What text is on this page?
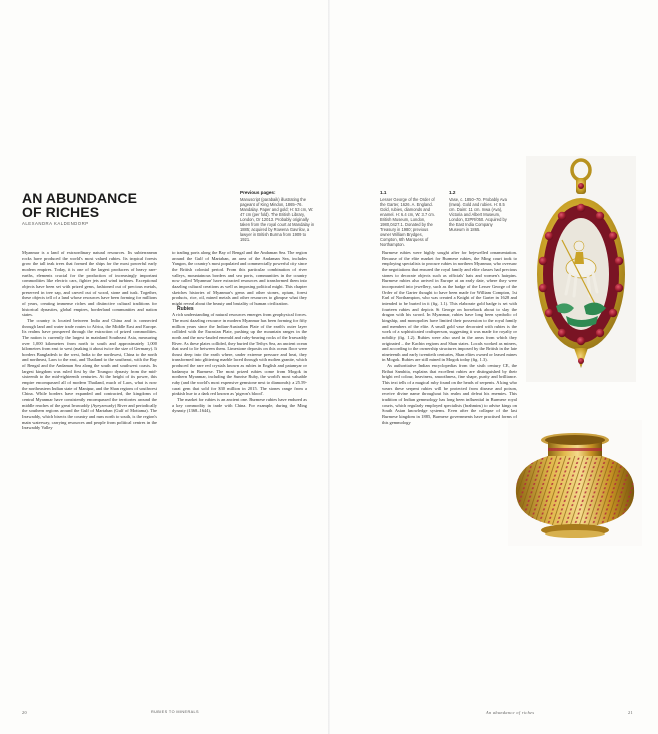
AN ABUNDANCE
OF RICHES
ALEXANDRA KALDENDORP
Previous pages:
Manuscript (parabaik) illustrating the pageant of King Mindon, 1865–76. Mandalay. Paper and gold; H: 53 cm, W: 47 cm (per fold). The British Library, London, Or 12013. Probably originally taken from the royal court at Mandalay in 1885; acquired by Rowena Gavrilov, a lawyer in British Burma from 1909 to 1921.
1.1
Lesser George of the Order of the Garter, 1626. A. England. Gold, rubies, diamonds and enamel. H: 6.4 cm, W: 3.7 cm. British Museum, London, 1980,0427.1. Donated by the Treasury in 1980; previous owner William Brydges, Compton, 6th Marquess of Northampton.
1.2
Vase, c. 1850–70. Probably Ava (Inwa). Gold and rubies. H: 8.5 cm. Daim: 11 cm. Inwa (Ava), Victoria and Albert Museum, London, 02PR/050. Acquired by the East India Company Museum in 1865.

Myanmar is a land of extraordinary natural resources. Its subterranean rocks have produced the world's most valued rubies. Its tropical forests grow the tall teak trees that formed the ships for the most powerful early modern empires. Today, it is one of the largest producers of heavy rare-earths, elements crucial for the production of increasingly important commodities like electric cars, fighter jets and wind turbines. Exceptional objects have been set with prized gems, fashioned out of precious metals, preserved in tree sap, and carved out of wood, stone and tusk. Together, these objects tell of a land whose resources have been forming for millions of years, creating immense riches and distinctive cultural traditions for historical dynasties, global empires, borderland communities and nation states.

The country is located between India and China and is connected through land and water trade routes to Africa, the Middle East and Europe. Its realms have prospered through the extraction of prized commodities. The nation is currently the largest in mainland Southeast Asia, measuring over 1,000 kilometres from north to south and approximately 1,000 kilometres from east to west (making it about twice the size of Germany). It borders Bangladesh to the west, India to the northwest, China to the north and northeast, Laos to the east, and Thailand to the southeast, with the Bay of Bengal and the Andaman Sea along the south and southwest coasts. Its largest kingdom was ruled first by the Toungoo dynasty from the mid-sixteenth to the mid-eighteenth centuries. At the height of its power, this empire encompassed all of modern Thailand, much of Laos, what is now the northeastern Indian state of Manipur, and the Shan regions of southwest China. While borders have expanded and contracted, the kingdoms of central Myanmar have consistently encompassed the territories around the middle reaches of the great Irrawaddy (Ayeyarwady) River and periodically the southern regions around the Gulf of Martaban (Gulf of Mottama). The Irrawaddy, which bisects the country and runs north to south, is the region's main waterway, carrying resources and people from political centres in the Irrawaddy Valley

to trading ports along the Bay of Bengal and the Andaman Sea. The region around the Gulf of Martaban, an area of the Andaman Sea, includes Yangon, the country's most populated and commercially powerful city since the British colonial period. From this particular combination of river valleys, mountainous borders and sea ports, communities in the country now called 'Myanmar' have extracted resources and transformed them into dazzling cultural creations as well as imposing political might. This chapter sketches histories of Myanmar's gems and other stones, opium, forest products, rice, oil, mined metals and other resources to glimpse what they might reveal about the beauty and brutality of human civilization.

Rubies

A rich understanding of natural resources emerges from geophysical forces. The most dazzling resource in modern Myanmar has been forming for fifty million years since the Indian-Australian Plate of the earth's outer layer collided with the Eurasian Plate, pushing up the mountain ranges in the north and the now-lauded emerald and ruby-bearing rocks of the Irrawaddy River. As these plates collided, they buried the Tethys Sea, an ancient ocean that used to lie between them. Limestone deposits on this ocean floor were thrust deep into the earth where, under extreme pressure and heat, they transformed into glittering marble laced through with molten granite, which produced the rare red crystals known as rubies in English and patamyar or badamya in Burmese. The most prized rubies come from Mogok in northern Myanmar, including the Sunrise Ruby, the world's most valuable ruby (and the world's most expensive gemstone next to diamonds): a 25.59-carat gem that sold for $30 million in 2015. The stones range from a pinkish hue to a dark red known as 'pigeon's blood'.

The market for rubies is an ancient one. Burmese rubies have endured as a key commodity in trade with China. For example, during the Ming dynasty (1368–1644),

Burmese rubies were highly sought after for bejewelled ornamentation. Because of the elite market for Burmese rubies, the Ming court took to employing specialists to procure rubies in northern Myanmar, who oversaw the negotiations that ensured the royal family and elite classes had precious stones to decorate objects such as officials' hats and women's hairpins. Burmese rubies also arrived in Europe at an early date, where they were incorporated into jewellery, such as the badge of the Lesser George of the Order of the Garter thought to have been made for William Compton, 1st Earl of Northampton, who was created a Knight of the Garter in 1628 and intended to be buried in it (fig. 1.1). This elaborate gold badge is set with fourteen rubies and depicts St George on horseback about to slay the dragon with his sword. In Myanmar, rubies have long been symbolic of kingship, and monopolies have limited their possession to the royal family and members of the elite. A small gold vase decorated with rubies is the work of a sophisticated craftsperson, suggesting it was made for royalty or nobility (fig. 1.2). Rubies were also used in the areas from which they originated – the Kachin regions and Shan states. Locals worked as miners, and according to the ownership structures imposed by the British in the late nineteenth and early twentieth centuries, Shan elites owned or leased mines in Mogok. Rubies are still mined in Mogok today (fig. 1.3).

As authoritative Indian encyclopedias from the sixth century CE, the Brihat Samhita, explains that excellent rubies are distinguished by their bright red colour, heaviness, smoothness, fine shape, purity and brilliance. This text tells of a magical ruby found on the heads of serpents. A king who wears these serpent rubies will be protected from disease and poison, receive divine name throughout his realm and defeat his enemies. This tradition of Indian gemmology has long been influential in Burmese royal courts, which regularly employed specialists (brahmins) to advise kings on South Asian knowledge systems. Even after the collapse of the last Burmese kingdom in 1885, Burmese governments have practised forms of this gemmology

20	RUBIES TO MINERALS	An abundance of riches	21
